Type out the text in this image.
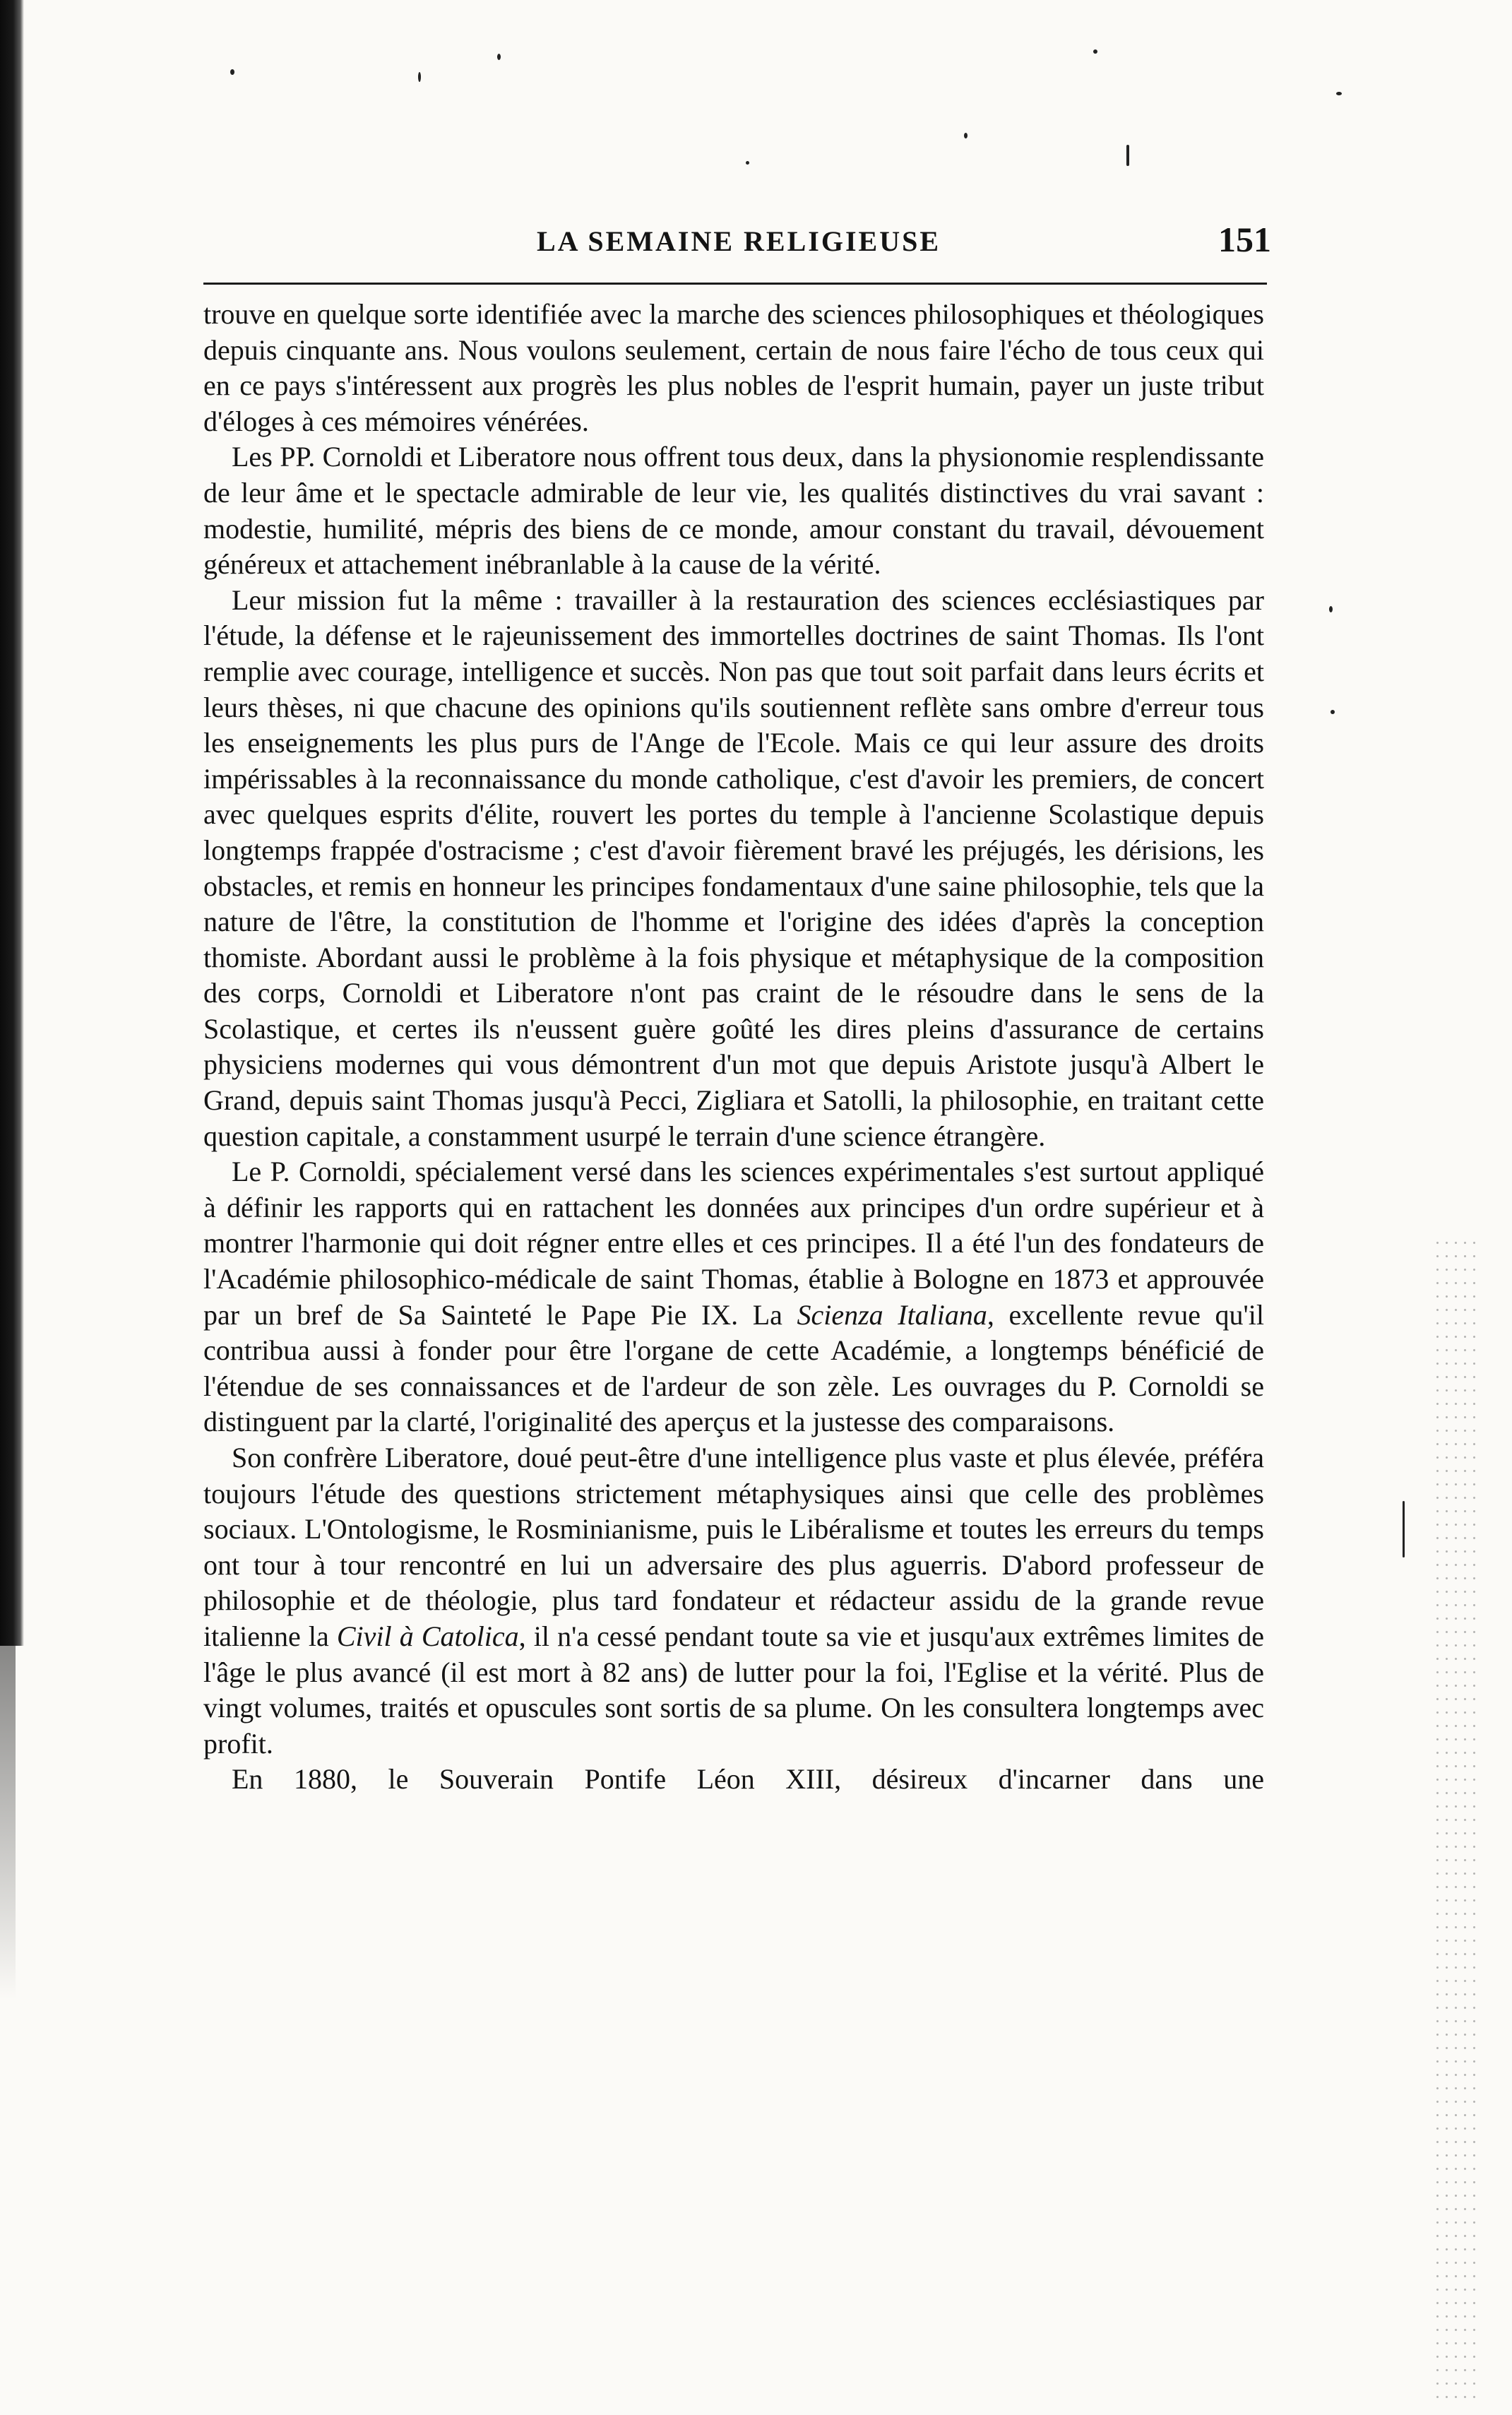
LA SEMAINE RELIGIEUSE	151

trouve en quelque sorte identifiée avec la marche des sciences philosophiques et théologiques depuis cinquante ans. Nous voulons seulement, certain de nous faire l'écho de tous ceux qui en ce pays s'intéressent aux progrès les plus nobles de l'esprit humain, payer un juste tribut d'éloges à ces mémoires vénérées.

Les PP. Cornoldi et Liberatore nous offrent tous deux, dans la physionomie resplendissante de leur âme et le spectacle admirable de leur vie, les qualités distinctives du vrai savant : modestie, humilité, mépris des biens de ce monde, amour constant du travail, dévouement généreux et attachement inébranlable à la cause de la vérité.

Leur mission fut la même : travailler à la restauration des sciences ecclésiastiques par l'étude, la défense et le rajeunissement des immortelles doctrines de saint Thomas. Ils l'ont remplie avec courage, intelligence et succès. Non pas que tout soit parfait dans leurs écrits et leurs thèses, ni que chacune des opinions qu'ils soutiennent reflète sans ombre d'erreur tous les enseignements les plus purs de l'Ange de l'Ecole. Mais ce qui leur assure des droits impérissables à la reconnaissance du monde catholique, c'est d'avoir les premiers, de concert avec quelques esprits d'élite, rouvert les portes du temple à l'ancienne Scolastique depuis longtemps frappée d'ostracisme ; c'est d'avoir fièrement bravé les préjugés, les dérisions, les obstacles, et remis en honneur les principes fondamentaux d'une saine philosophie, tels que la nature de l'être, la constitution de l'homme et l'origine des idées d'après la conception thomiste. Abordant aussi le problème à la fois physique et métaphysique de la composition des corps, Cornoldi et Liberatore n'ont pas craint de le résoudre dans le sens de la Scolastique, et certes ils n'eussent guère goûté les dires pleins d'assurance de certains physiciens modernes qui vous démontrent d'un mot que depuis Aristote jusqu'à Albert le Grand, depuis saint Thomas jusqu'à Pecci, Zigliara et Satolli, la philosophie, en traitant cette question capitale, a constamment usurpé le terrain d'une science étrangère.

Le P. Cornoldi, spécialement versé dans les sciences expérimentales s'est surtout appliqué à définir les rapports qui en rattachent les données aux principes d'un ordre supérieur et à montrer l'harmonie qui doit régner entre elles et ces principes. Il a été l'un des fondateurs de l'Académie philosophico-médicale de saint Thomas, établie à Bologne en 1873 et approuvée par un bref de Sa Sainteté le Pape Pie IX. La Scienza Italiana, excellente revue qu'il contribua aussi à fonder pour être l'organe de cette Académie, a longtemps bénéficié de l'étendue de ses connaissances et de l'ardeur de son zèle. Les ouvrages du P. Cornoldi se distinguent par la clarté, l'originalité des aperçus et la justesse des comparaisons.

Son confrère Liberatore, doué peut-être d'une intelligence plus vaste et plus élevée, préféra toujours l'étude des questions strictement métaphysiques ainsi que celle des problèmes sociaux. L'Ontologisme, le Rosminianisme, puis le Libéralisme et toutes les erreurs du temps ont tour à tour rencontré en lui un adversaire des plus aguerris. D'abord professeur de philosophie et de théologie, plus tard fondateur et rédacteur assidu de la grande revue italienne la Civil à Catolica, il n'a cessé pendant toute sa vie et jusqu'aux extrêmes limites de l'âge le plus avancé (il est mort à 82 ans) de lutter pour la foi, l'Eglise et la vérité. Plus de vingt volumes, traités et opuscules sont sortis de sa plume. On les consultera longtemps avec profit.

En 1880, le Souverain Pontife Léon XIII, désireux d'incarner dans une
